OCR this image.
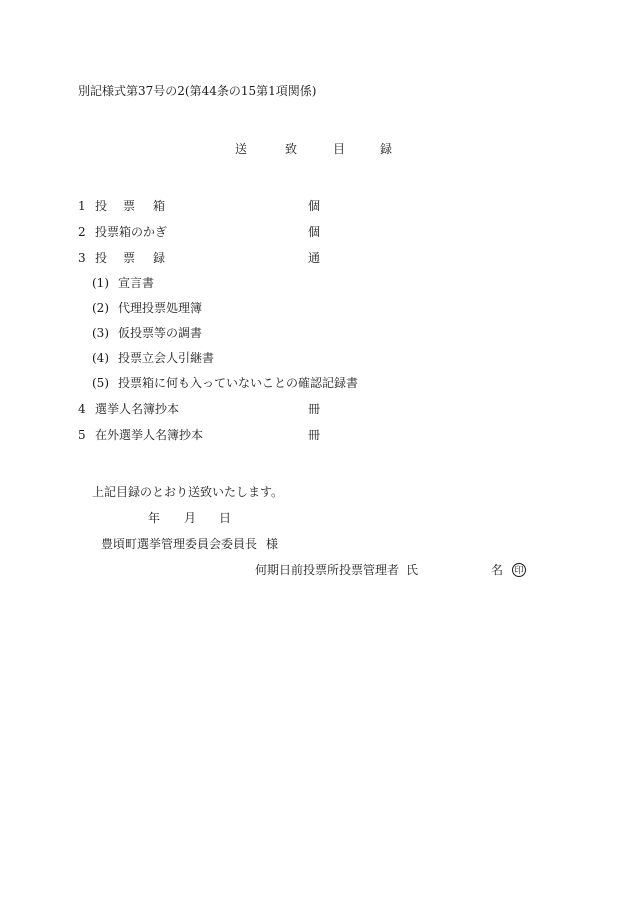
別記様式第37号の2(第44条の15第1項関係)
送	致	目	録
1 投 票 箱	個
2 投票箱のかぎ	個
3 投 票 録	通
(1) 宣言書
(2) 代理投票処理簿
(3) 仮投票等の調書
(4) 投票立会人引継書
(5) 投票箱に何も入っていないことの確認記録書
4 選挙人名簿抄本	冊
5 在外選挙人名簿抄本	冊
上記目録のとおり送致いたします。
年 月 日
豊頃町選挙管理委員会委員長 様
何期日前投票所投票管理者 氏	名 印
